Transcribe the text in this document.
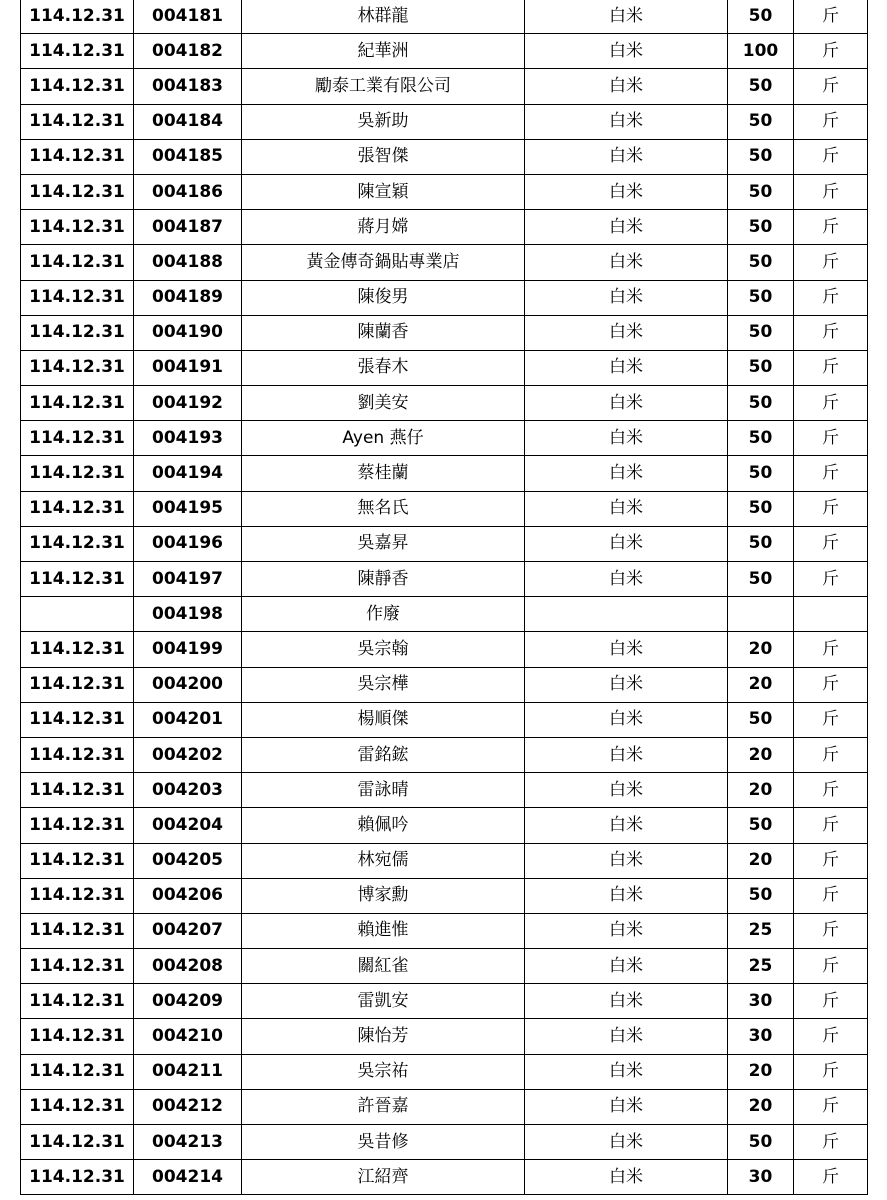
114.12.31	004181	林群龍	白米	50	斤
114.12.31	004182	紀華洲	白米	100	斤
114.12.31	004183	勵泰工業有限公司	白米	50	斤
114.12.31	004184	吳新助	白米	50	斤
114.12.31	004185	張智傑	白米	50	斤
114.12.31	004186	陳宣穎	白米	50	斤
114.12.31	004187	蔣月嫦	白米	50	斤
114.12.31	004188	黃金傳奇鍋貼專業店	白米	50	斤
114.12.31	004189	陳俊男	白米	50	斤
114.12.31	004190	陳蘭香	白米	50	斤
114.12.31	004191	張春木	白米	50	斤
114.12.31	004192	劉美安	白米	50	斤
114.12.31	004193	Ayen 燕仔	白米	50	斤
114.12.31	004194	蔡桂蘭	白米	50	斤
114.12.31	004195	無名氏	白米	50	斤
114.12.31	004196	吳嘉昇	白米	50	斤
114.12.31	004197	陳靜香	白米	50	斤
	004198	作廢			
114.12.31	004199	吳宗翰	白米	20	斤
114.12.31	004200	吳宗樺	白米	20	斤
114.12.31	004201	楊順傑	白米	50	斤
114.12.31	004202	雷銘鋐	白米	20	斤
114.12.31	004203	雷詠晴	白米	20	斤
114.12.31	004204	賴佩吟	白米	50	斤
114.12.31	004205	林宛儒	白米	20	斤
114.12.31	004206	博家勳	白米	50	斤
114.12.31	004207	賴進惟	白米	25	斤
114.12.31	004208	關紅雀	白米	25	斤
114.12.31	004209	雷凱安	白米	30	斤
114.12.31	004210	陳怡芳	白米	30	斤
114.12.31	004211	吳宗祐	白米	20	斤
114.12.31	004212	許晉嘉	白米	20	斤
114.12.31	004213	吳昔修	白米	50	斤
114.12.31	004214	江紹齊	白米	30	斤
